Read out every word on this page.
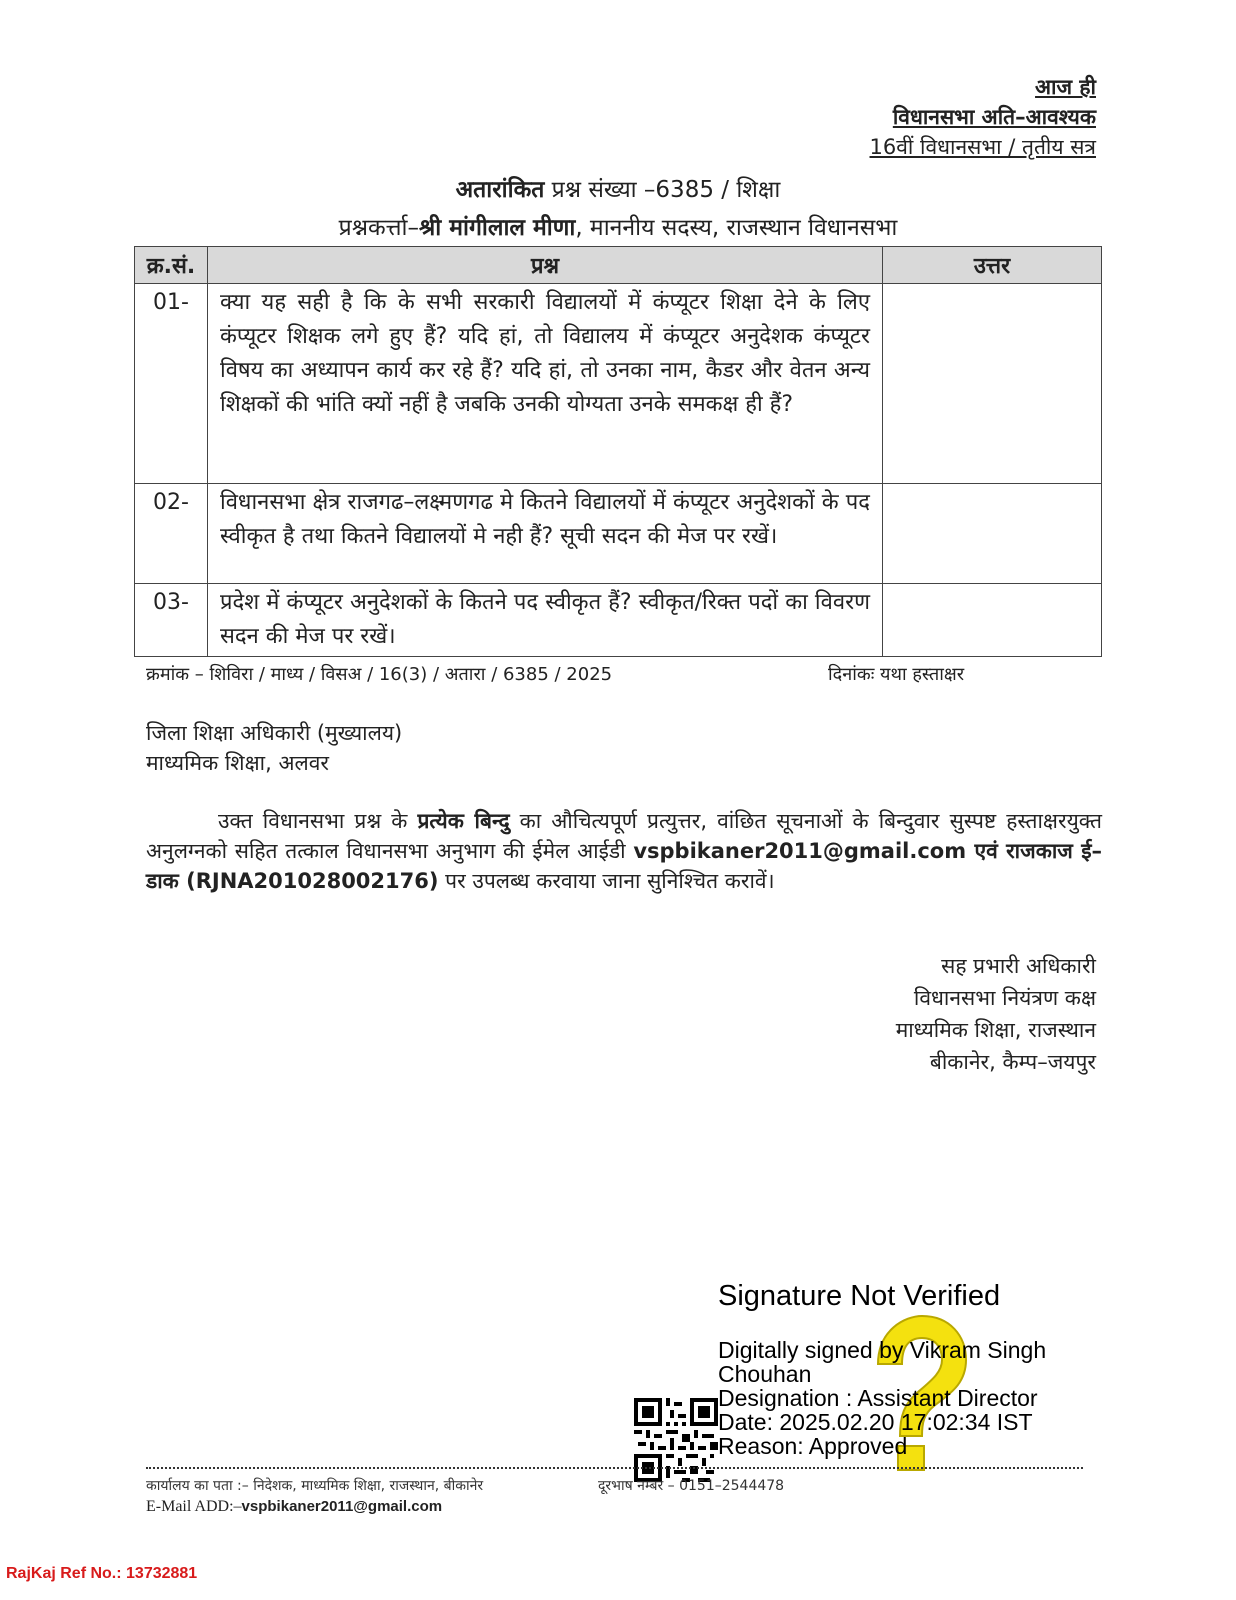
आज ही
विधानसभा अति–आवश्यक
16वीं विधानसभा / तृतीय सत्र
अतारांकित प्रश्न संख्या –6385 / शिक्षा
प्रश्नकर्त्ता–श्री मांगीलाल मीणा, माननीय सदस्य, राजस्थान विधानसभा
क्र.सं.	प्रश्न	उत्तर
01-	क्या यह सही है कि के सभी सरकारी विद्यालयों में कंप्यूटर शिक्षा देने के लिए कंप्यूटर शिक्षक लगे हुए हैं? यदि हां, तो विद्यालय में कंप्यूटर अनुदेशक कंप्यूटर विषय का अध्यापन कार्य कर रहे हैं? यदि हां, तो उनका नाम, कैडर और वेतन अन्य शिक्षकों की भांति क्यों नहीं है जबकि उनकी योग्यता उनके समकक्ष ही हैं?	
02-	विधानसभा क्षेत्र राजगढ–लक्ष्मणगढ मे कितने विद्यालयों में कंप्यूटर अनुदेशकों के पद स्वीकृत है तथा कितने विद्यालयों मे नही हैं? सूची सदन की मेज पर रखें।	
03-	प्रदेश में कंप्यूटर अनुदेशकों के कितने पद स्वीकृत हैं? स्वीकृत/रिक्त पदों का विवरण सदन की मेज पर रखें।	
क्रमांक – शिविरा / माध्य / विसअ / 16(3) / अतारा / 6385 / 2025	दिनांकः यथा हस्ताक्षर
जिला शिक्षा अधिकारी (मुख्यालय)
माध्यमिक शिक्षा, अलवर
उक्त विधानसभा प्रश्न के प्रत्येक बिन्दु का औचित्यपूर्ण प्रत्युत्तर, वांछित सूचनाओं के बिन्दुवार सुस्पष्ट हस्ताक्षरयुक्त अनुलग्नको सहित तत्काल विधानसभा अनुभाग की ईमेल आईडी vspbikaner2011@gmail.com एवं राजकाज ई–डाक (RJNA201028002176) पर उपलब्ध करवाया जाना सुनिश्चित करावें।
सह प्रभारी अधिकारी
विधानसभा नियंत्रण कक्ष
माध्यमिक शिक्षा, राजस्थान
बीकानेर, कैम्प–जयपुर
Signature Not Verified
Digitally signed by Vikram Singh
Chouhan
Designation : Assistant Director
Date: 2025.02.20 17:02:34 IST
Reason: Approved
कार्यालय का पता :– निदेशक, माध्यमिक शिक्षा, राजस्थान, बीकानेर	दूरभाष नम्बर – 0151–2544478
E-Mail ADD:–vspbikaner2011@gmail.com
RajKaj Ref No.: 13732881
